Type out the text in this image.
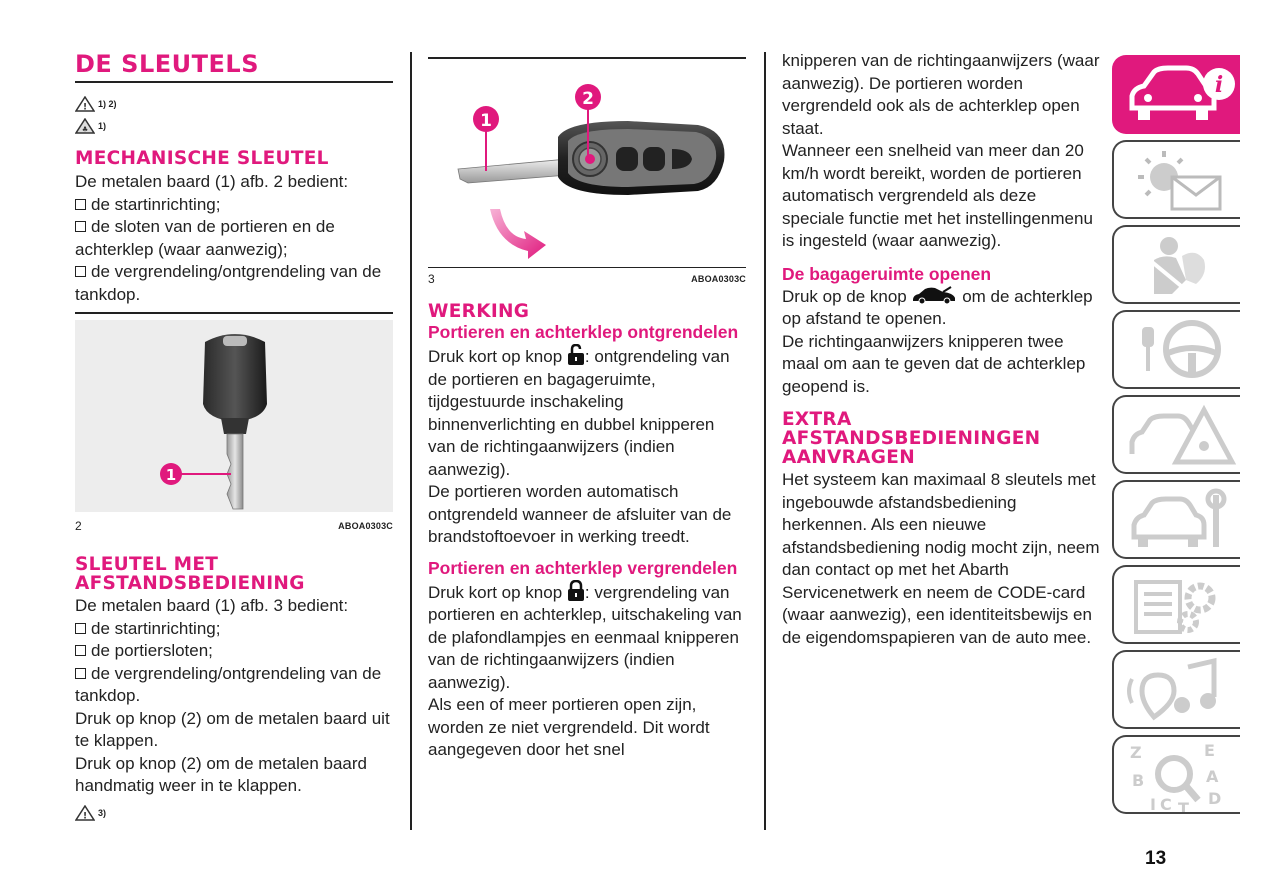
DE SLEUTELS
! 1) 2)
♣ 1)
MECHANISCHE SLEUTEL

De metalen baard (1) afb. 2 bedient:

de startinrichting;
de sloten van de portieren en de achterklep (waar aanwezig);
de vergrendeling/ontgrendeling van de tankdop.
1
2	ABOA0303C
SLEUTEL MET
AFSTANDSBEDIENING

De metalen baard (1) afb. 3 bedient:

de startinrichting;
de portiersloten;
de vergrendeling/ontgrendeling van de tankdop.

Druk op knop (2) om de metalen baard uit te klappen.

Druk op knop (2) om de metalen baard handmatig weer in te klappen.

! 3)
1
2
3	ABOA0303C
WERKING
Portieren en achterklep ontgrendelen

Druk kort op knop : ontgrendeling van de portieren en bagageruimte, tijdgestuurde inschakeling binnenverlichting en dubbel knipperen van de richtingaanwijzers (indien aanwezig).

De portieren worden automatisch ontgrendeld wanneer de afsluiter van de brandstoftoevoer in werking treedt.

Portieren en achterklep vergrendelen

Druk kort op knop : vergrendeling van portieren en achterklep, uitschakeling van de plafondlampjes en eenmaal knipperen van de richtingaanwijzers (indien aanwezig).

Als een of meer portieren open zijn, worden ze niet vergrendeld. Dit wordt aangegeven door het snel

knipperen van de richtingaanwijzers (waar aanwezig). De portieren worden vergrendeld ook als de achterklep open staat.

Wanneer een snelheid van meer dan 20 km/h wordt bereikt, worden de portieren automatisch vergrendeld als deze speciale functie met het instellingenmenu is ingesteld (waar aanwezig).

De bagageruimte openen

Druk op de knop	om de achterklep op afstand te openen.

De richtingaanwijzers knipperen twee maal om aan te geven dat de achterklep geopend is.

EXTRA AFSTANDSBEDIENINGEN AANVRAGEN

Het systeem kan maximaal 8 sleutels met ingebouwde afstandsbediening herkennen. Als een nieuwe afstandsbediening nodig mocht zijn, neem dan contact op met het Abarth Servicenetwerk en neem de CODE-card (waar aanwezig), een identiteitsbewijs en de eigendomspapieren van de auto mee.

i
Z	E
B	A
I C T
D
13
